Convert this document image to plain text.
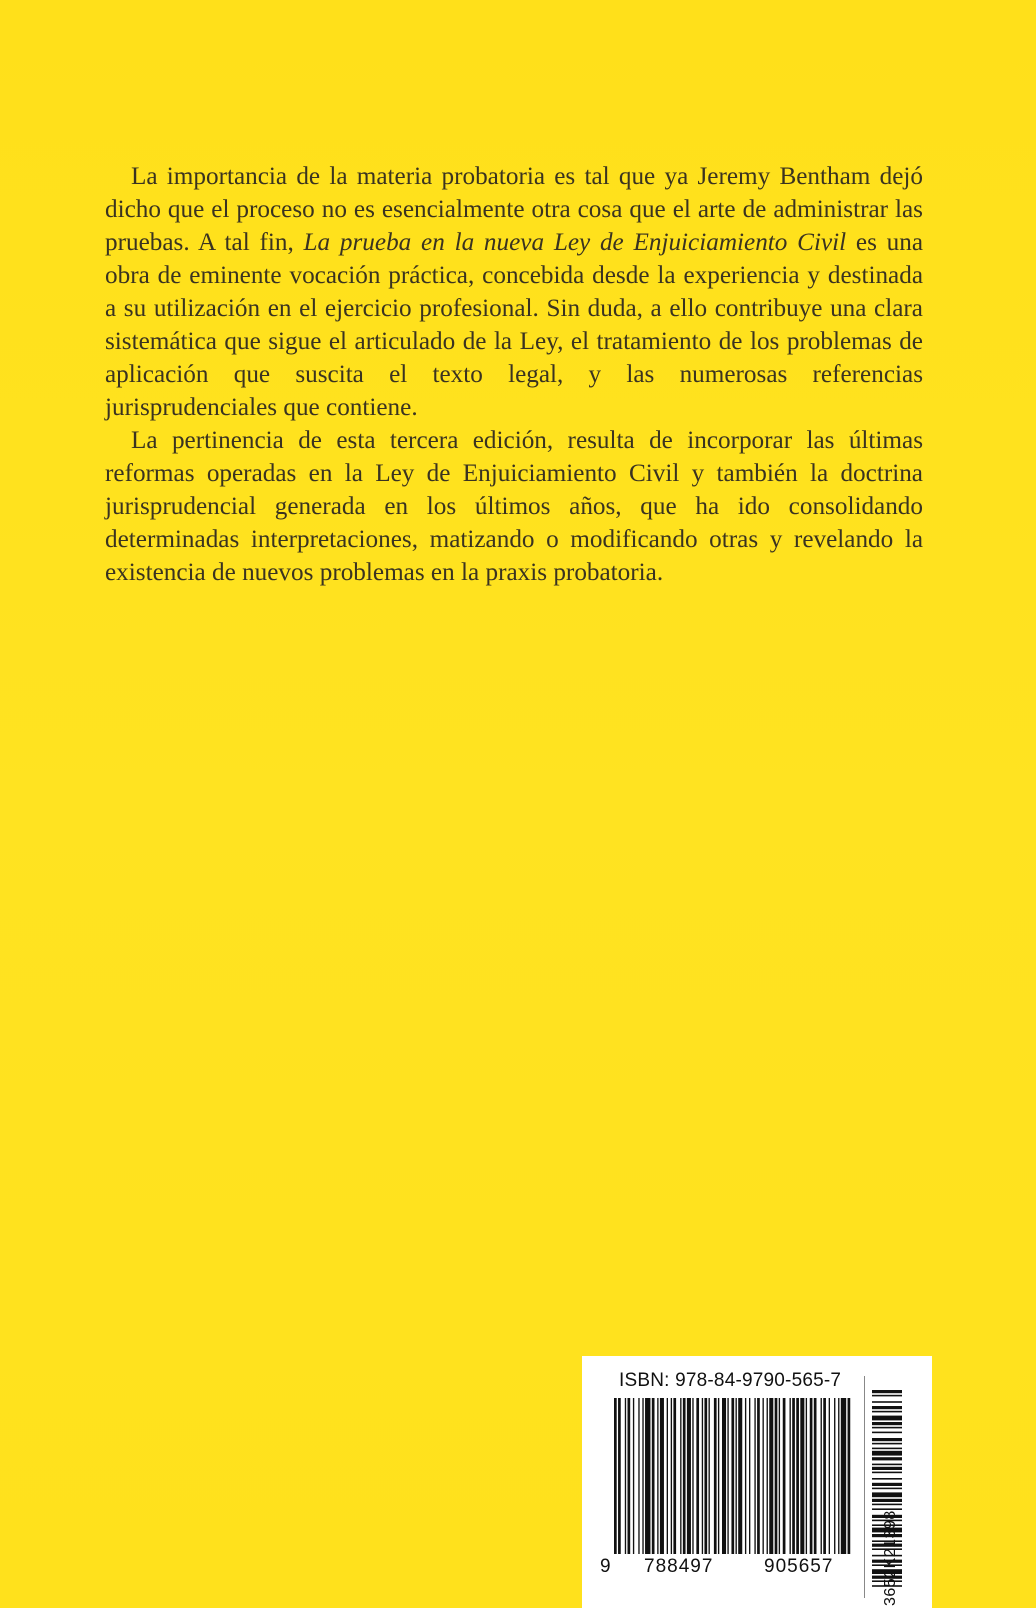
La importancia de la materia probatoria es tal que ya Jeremy Bentham dejó dicho que el proceso no es esencialmente otra cosa que el arte de administrar las pruebas. A tal fin, La prueba en la nueva Ley de Enjuiciamiento Civil es una obra de eminente vocación práctica, concebida desde la experiencia y destinada a su utilización en el ejercicio profesional. Sin duda, a ello contribuye una clara sistemática que sigue el articulado de la Ley, el tratamiento de los problemas de aplicación que suscita el texto legal, y las numerosas referencias jurisprudenciales que contiene.

La pertinencia de esta tercera edición, resulta de incorporar las últimas reformas operadas en la Ley de Enjuiciamiento Civil y también la doctrina jurisprudencial generada en los últimos años, que ha ido consolidando determinadas interpretaciones, matizando o modificando otras y revelando la existencia de nuevos problemas en la praxis probatoria.

ISBN: 978-84-9790-565-7
9 788497	905657	3652K21398
